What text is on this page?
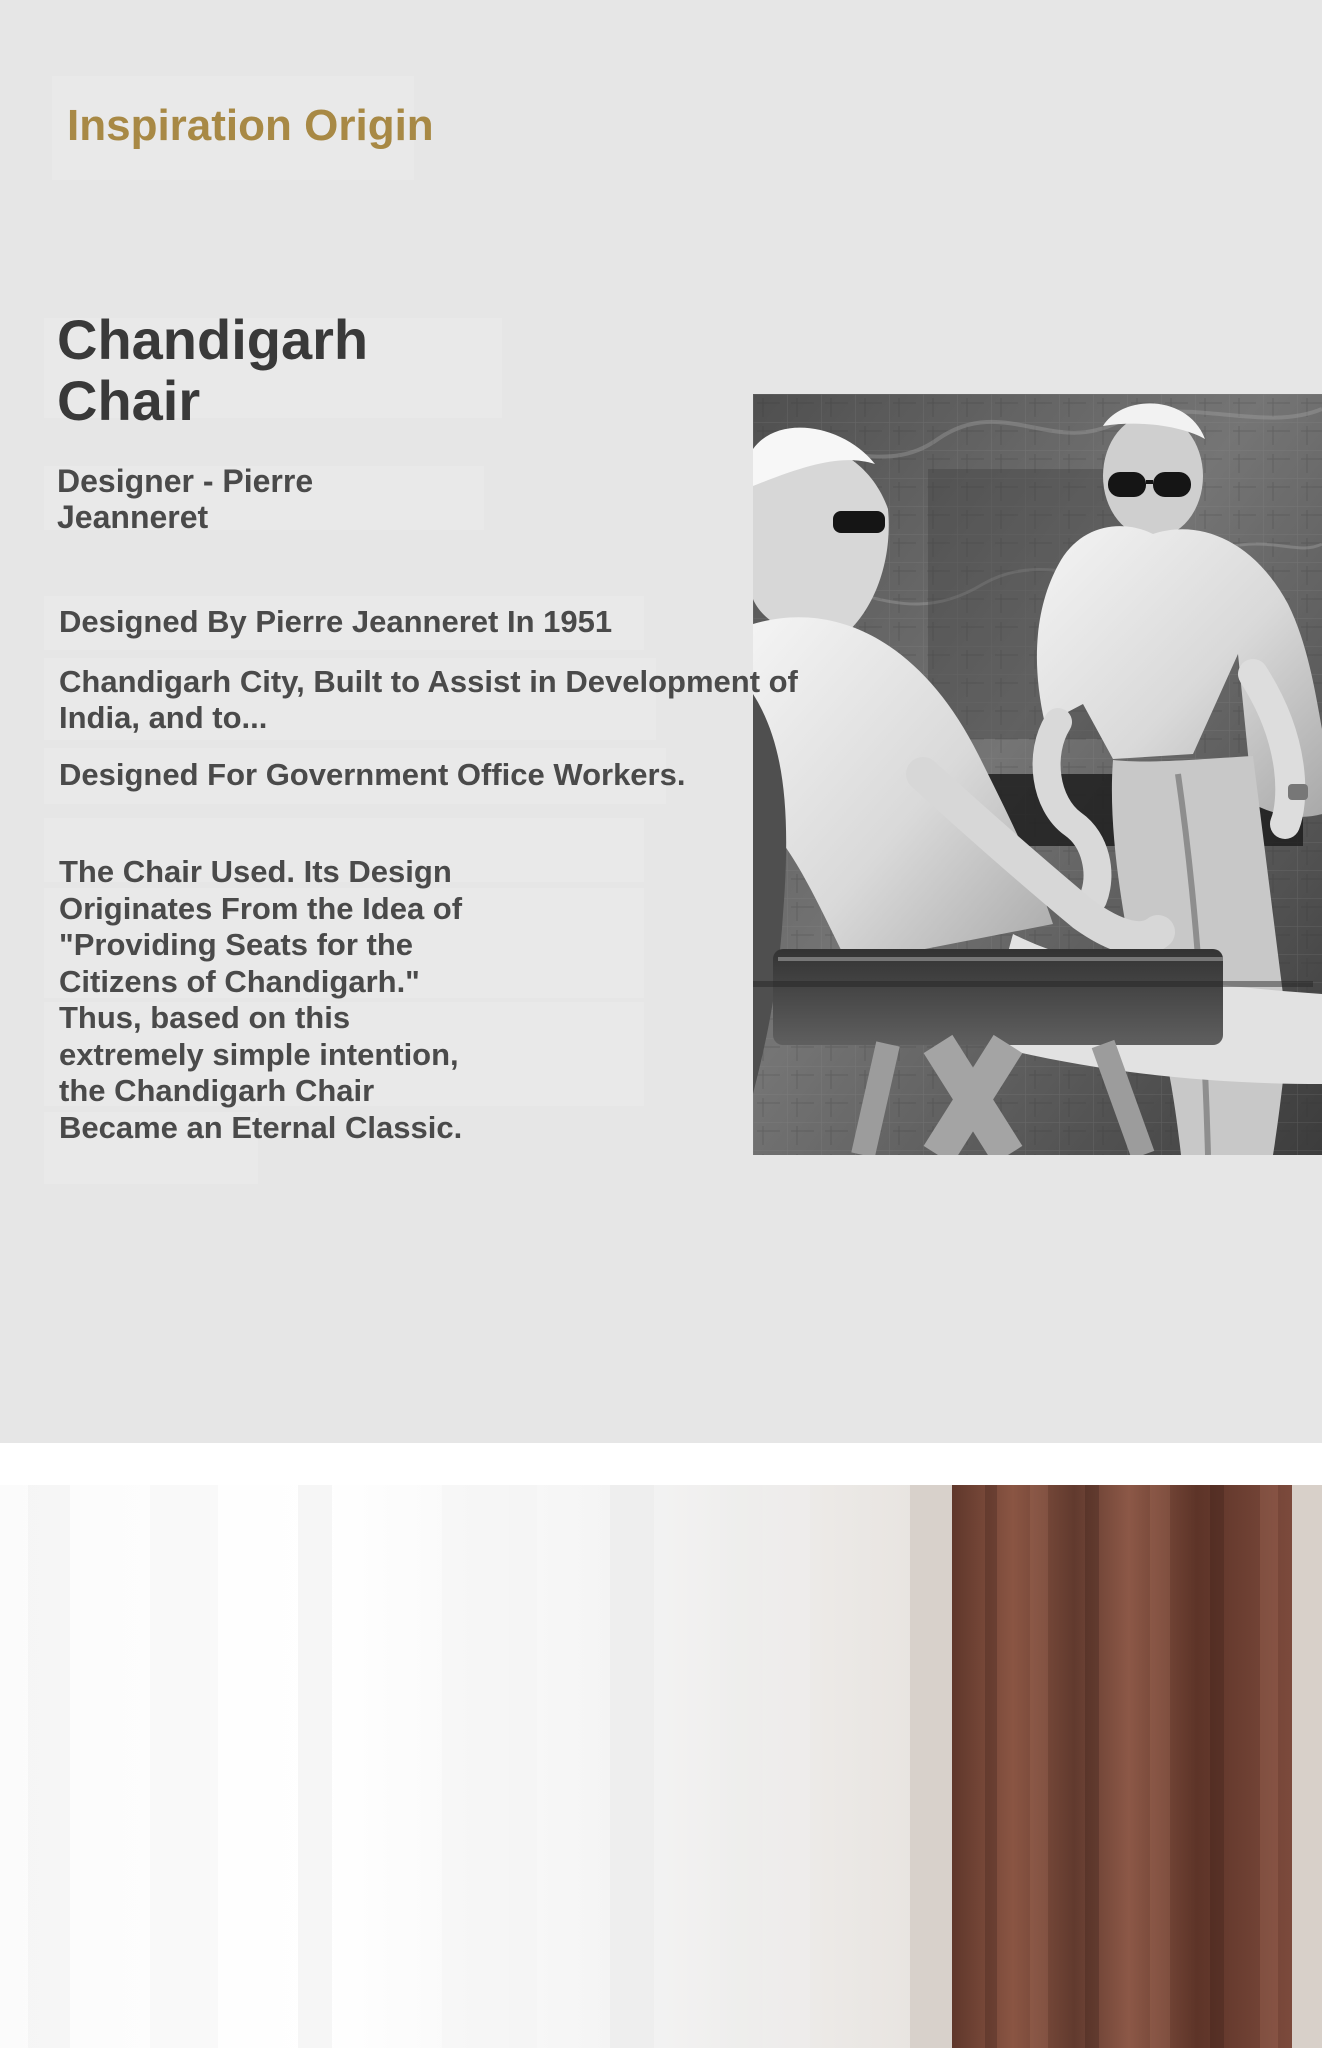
Inspiration Origin
Chandigarh Chair

Designer - Pierre Jeanneret

Designed By Pierre Jeanneret In 1951

Chandigarh City, Built to Assist in Development of India, and to...

Designed For Government Office Workers.

The Chair Used. Its Design Originates From the Idea of "Providing Seats for the Citizens of Chandigarh." Thus, based on this extremely simple intention, the Chandigarh Chair Became an Eternal Classic.
